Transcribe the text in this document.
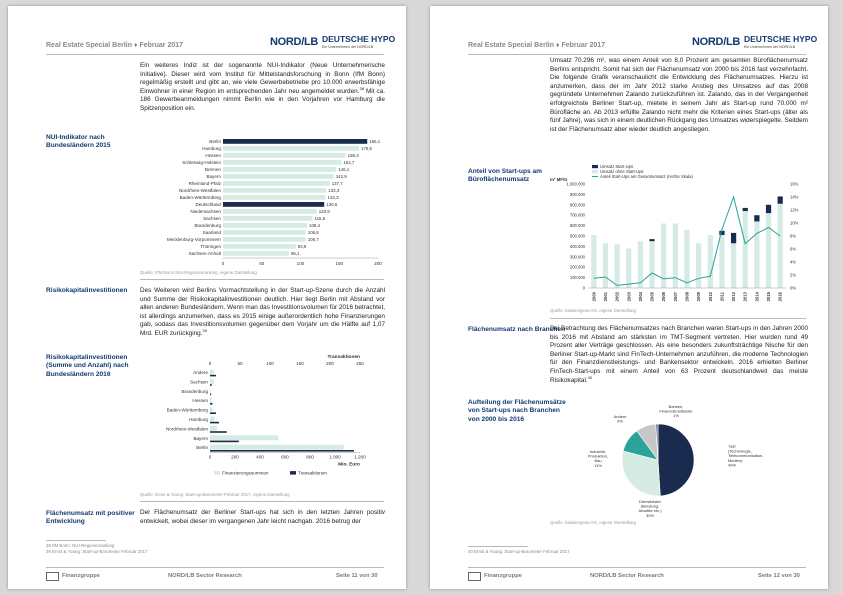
Real Estate Special Berlin ♦ Februar 2017	NORD/LB DEUTSCHE HYPO
Ein Unternehmen der NORD/LB
Ein weiteres Indiz ist der sogenannte NUI-Indikator (Neue Unternehmerische Initiative). Dieser wird vom Institut für Mittelstandsforschung in Bonn (IfM Bonn) regelmäßig erstellt und gibt an, wie viele Gewerbebetriebe pro 10.000 erwerbsfähige Einwohner in einer Region im entsprechenden Jahr neu angemeldet wurden.$^{38}$ Mit ca. 186 Gewerbeanmeldungen nimmt Berlin wie in den Vorjahren vor Hamburg die Spitzenposition ein.
NUI-Indikator nach Bundesländern 2015
Berlin	186,1
Hamburg	175,5
Hessen	158,3
Schleswig-Holstein	152,7
Bremen	146,1
Bayern	142,9
Rheinland-Pfalz	137,7
Nordrhein-Westfalen	133,3
Baden-Württemberg	132,3
Deutschland	130,6
Niedersachsen	120,9
Sachsen	115,5
Brandenburg	108,4
Saarland	106,8
Mecklenburg-Vorpommern	106,7
Thüringen	93,9
Sachsen-Anhalt	85,1
0	50	100	150	200
Quelle: IFM Bonn NUI-Regionenranking, eigene Darstellung
Risikokapitalinvestitionen	Des Weiteren wird Berlins Vormachtstellung in der Start-up-Szene durch die Anzahl und Summe der Risikokapitalinvestitionen deutlich. Hier liegt Berlin mit Abstand vor allen anderen Bundesländern. Wenn man das Investitionsvolumen für 2016 betrachtet, ist allerdings anzumerken, dass es 2015 einige außerordentlich hohe Finanzierungen gab, sodass das Investitionsvolumen gegenüber dem Vorjahr um die Hälfte auf 1,07 Mrd. EUR zurückging.$^{39}$
Risikokapitalinvestitionen (Summe und Anzahl) nach Bundesländern 2016
Transaktionen
0	50	100	150	200	250
Andere
Sachsen
Brandenburg
Hessen
Baden-Württemberg
Hamburg
Nordrhein-Westfalen
Bayern
Berlin
0	200	400	600	800	1.000	1.200
Mio. Euro
Finanzierungssummen	Transaktionen
Quelle: Ernst & Young: Start-up-Barometer Februar 2017, eigene Darstellung
Flächenumsatz mit positiver Entwicklung
Der Flächenumsatz der Berliner Start-ups hat sich in den letzten Jahren positiv entwickelt, wobei dieser im vergangenen Jahr leicht nachgab. 2016 betrug der
38 IfM Bonn: NUI-Regionenranking
39 Ernst & Young: Start-up-Barometer Februar 2017
Finanzgruppe	NORD/LB Sector Research	Seite 11 von 30
Real Estate Special Berlin ♦ Februar 2017	NORD/LB DEUTSCHE HYPO
Ein Unternehmen der NORD/LB
Umsatz 70.296 m², was einem Anteil von 8,0 Prozent am gesamten Büroflächenumsatz Berlins entspricht. Somit hat sich der Flächenumsatz von 2000 bis 2016 fast verzehnfacht. Die folgende Grafik veranschaulicht die Entwicklung des Flächenumsatzes. Hierzu ist anzumerken, dass der im Jahr 2012 starke Anstieg des Umsatzes auf das 2008 gegründete Unternehmen Zalando zurückzuführen ist. Zalando, das in der Vergangenheit erfolgreichste Berliner Start-up, mietete in seinem Jahr als Start-up rund 70.000 m² Bürofläche an. Ab 2013 erfüllte Zalando nicht mehr die Kriterien eines Start-ups (älter als fünf Jahre), was sich in einem deutlichen Rückgang des Umsatzes widerspiegelte. Seitdem ist der Flächenumsatz aber wieder deutlich angestiegen.
Anteil von Start-ups am Büroflächenumsatz	m² MF/G
0
100.000
200.000
300.000
400.000
500.000
600.000
700.000
800.000
900.000
1.000.000
0%
2%
4%
6%
8%
10%
12%
14%
16%
2000 2001 2002 2003 2004 2005 2006 2007 2008 2009 2010 2011 2012 2013 2014 2015 2016
Umsatz Start-Ups
Umsatz ohne Start-Ups
Anteil Start-Ups am Gesamtumsatz (rechte Skala)
Quelle: bulwiengesa AG, eigene Darstellung
Flächenumsatz nach Branchen
Bei Betrachtung des Flächenumsatzes nach Branchen waren Start-ups in den Jahren 2000 bis 2016 mit Abstand am stärksten im TMT-Segment vertreten. Hier wurden rund 49 Prozent aller Verträge geschlossen. Als eine besonders zukunftsträchtige Nische für den Berliner Start-up-Markt sind FinTech-Unternehmen anzuführen, die moderne Technologien für den Finanzdienstleistungs- und Bankensektor entwickeln. 2016 erhielten Berliner FinTech-Start-ups mit einem Anteil von 63 Prozent deutschlandweit das meiste Risikokapital.$^{40}$
Aufteilung der Flächenumsätze von Start-ups nach Branchen von 2000 bis 2016
TMT
(Technologie,
Telekommunikation,
Medien)
49%
Dienstleister
(Beratung,
Anwälte etc.)
30%
Industrie,
Produktion,
Bau
11%
Andere
9%
Banken,
Finanzdienstleister
1%
Quelle: bulwiengesa AG, eigene Darstellung
40 Ernst & Young: Start-up-Barometer Februar 2017
Finanzgruppe	NORD/LB Sector Research	Seite 12 von 30
